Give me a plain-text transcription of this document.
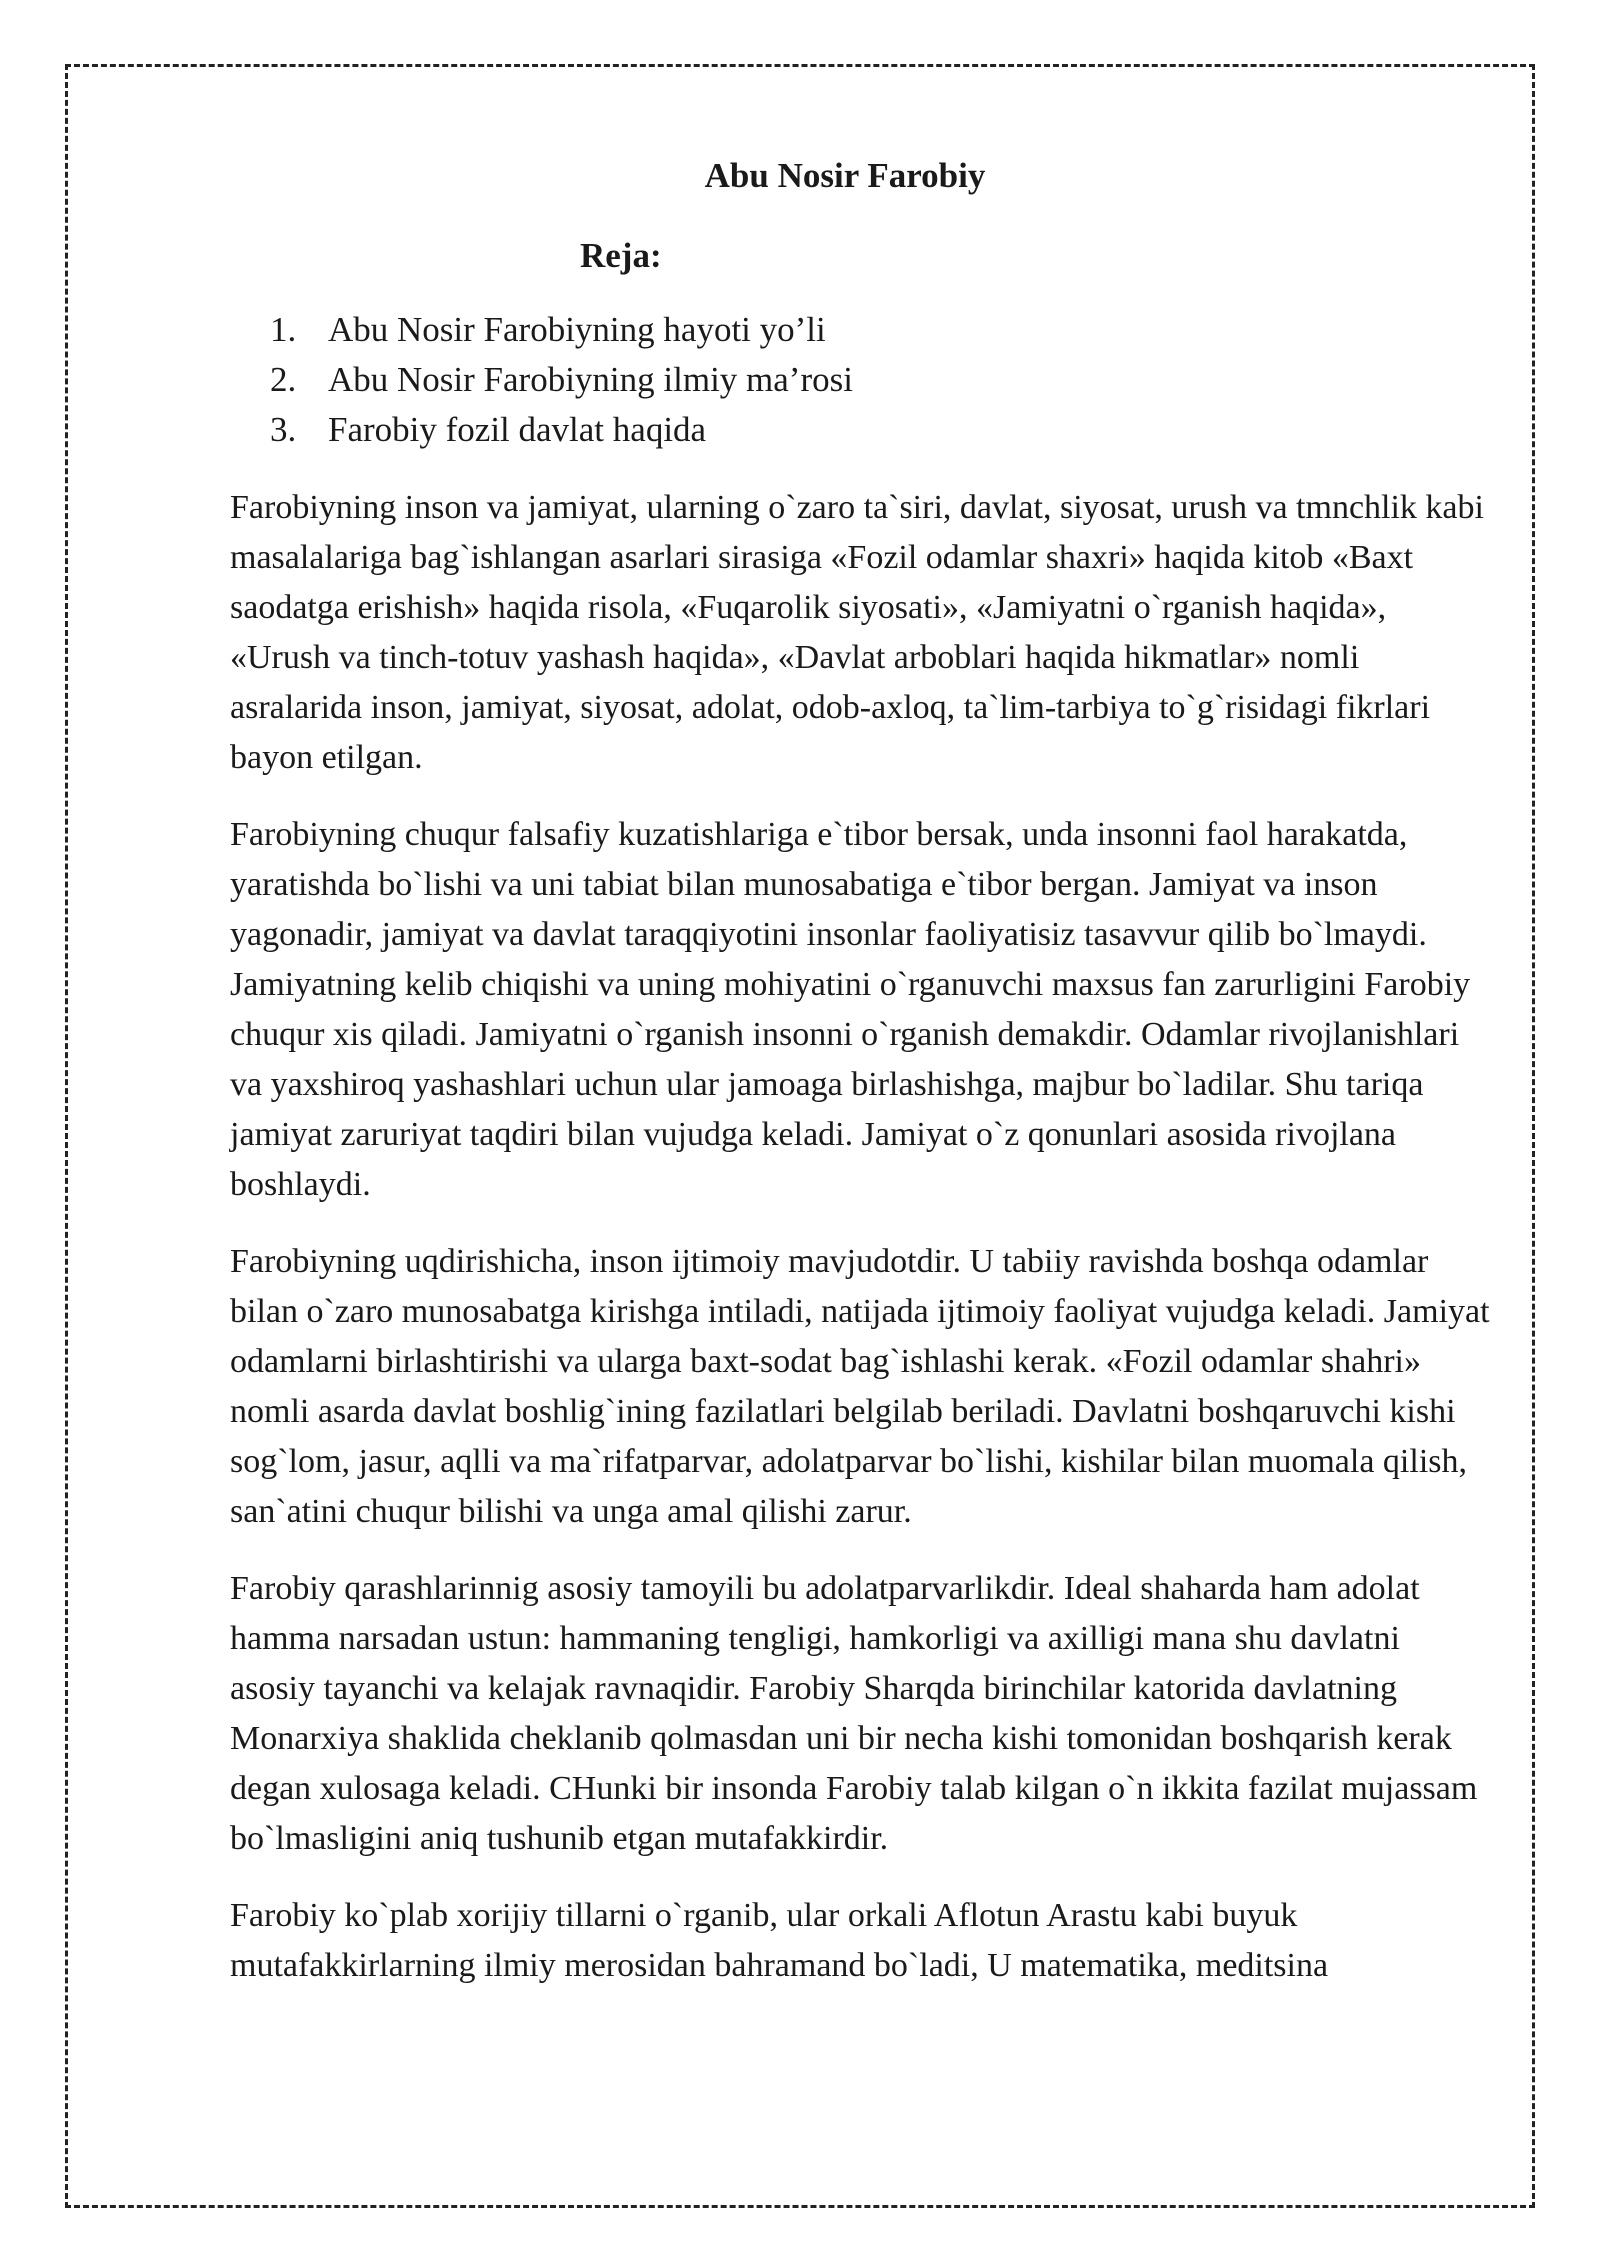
Abu Nosir Farobiy
Reja:
1. Abu Nosir Farobiyning hayoti yo’li
2. Abu Nosir Farobiyning ilmiy ma’rosi
3. Farobiy fozil davlat haqida

Farobiyning inson va jamiyat, ularning o`zaro ta`siri, davlat, siyosat, urush va tmnchlik kabi masalalariga bag`ishlangan asarlari sirasiga «Fozil odamlar shaxri» haqida kitob «Baxt saodatga erishish» haqida risola, «Fuqarolik siyosati», «Jamiyatni o`rganish haqida», «Urush va tinch-totuv yashash haqida», «Davlat arboblari haqida hikmatlar» nomli asralarida inson, jamiyat, siyosat, adolat, odob-axloq, ta`lim-tarbiya to`g`risidagi fikrlari bayon etilgan.

Farobiyning chuqur falsafiy kuzatishlariga e`tibor bersak, unda insonni faol harakatda, yaratishda bo`lishi va uni tabiat bilan munosabatiga e`tibor bergan. Jamiyat va inson yagonadir, jamiyat va davlat taraqqiyotini insonlar faoliyatisiz tasavvur qilib bo`lmaydi. Jamiyatning kelib chiqishi va uning mohiyatini o`rganuvchi maxsus fan zarurligini Farobiy chuqur xis qiladi. Jamiyatni o`rganish insonni o`rganish demakdir. Odamlar rivojlanishlari va yaxshiroq yashashlari uchun ular jamoaga birlashishga, majbur bo`ladilar. Shu tariqa jamiyat zaruriyat taqdiri bilan vujudga keladi. Jamiyat o`z qonunlari asosida rivojlana boshlaydi.

Farobiyning uqdirishicha, inson ijtimoiy mavjudotdir. U tabiiy ravishda boshqa odamlar bilan o`zaro munosabatga kirishga intiladi, natijada ijtimoiy faoliyat vujudga keladi. Jamiyat odamlarni birlashtirishi va ularga baxt-sodat bag`ishlashi kerak. «Fozil odamlar shahri» nomli asarda davlat boshlig`ining fazilatlari belgilab beriladi. Davlatni boshqaruvchi kishi sog`lom, jasur, aqlli va ma`rifatparvar, adolatparvar bo`lishi, kishilar bilan muomala qilish, san`atini chuqur bilishi va unga amal qilishi zarur.

Farobiy qarashlarinnig asosiy tamoyili bu adolatparvarlikdir. Ideal shaharda ham adolat hamma narsadan ustun: hammaning tengligi, hamkorligi va axilligi mana shu davlatni asosiy tayanchi va kelajak ravnaqidir. Farobiy Sharqda birinchilar katorida davlatning Monarxiya shaklida cheklanib qolmasdan uni bir necha kishi tomonidan boshqarish kerak degan xulosaga keladi. CHunki bir insonda Farobiy talab kilgan o`n ikkita fazilat mujassam bo`lmasligini aniq tushunib etgan mutafakkirdir.

Farobiy ko`plab xorijiy tillarni o`rganib, ular orkali Aflotun Arastu kabi buyuk mutafakkirlarning ilmiy merosidan bahramand bo`ladi, U matematika, meditsina
